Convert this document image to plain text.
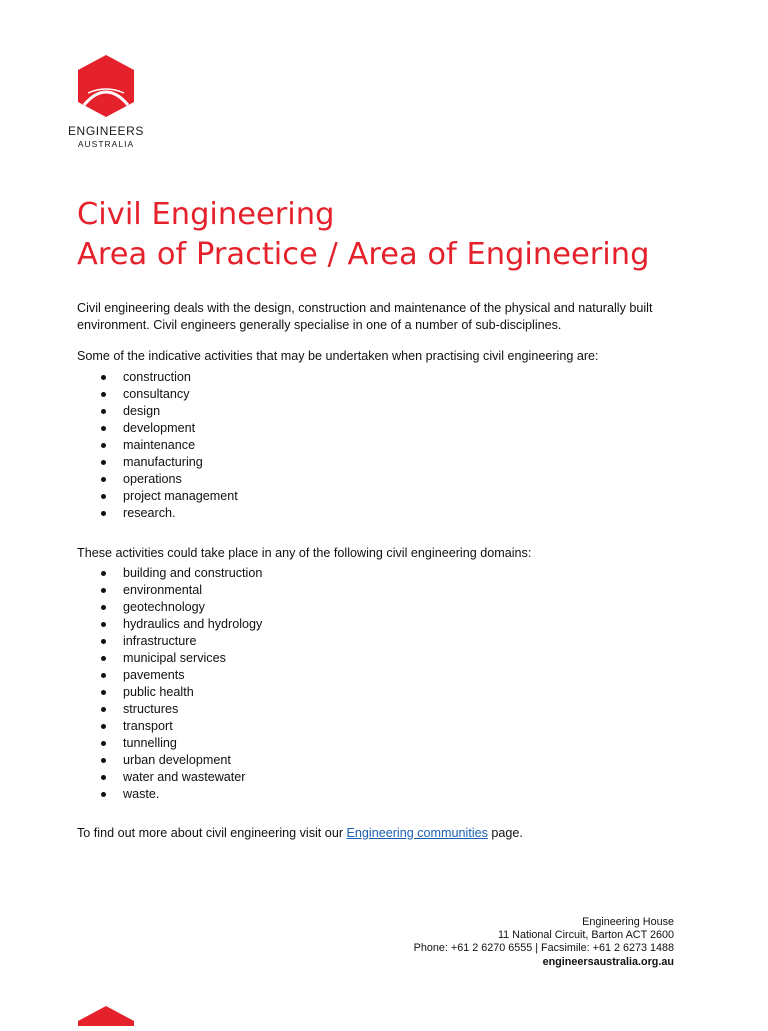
ENGINEERS
AUSTRALIA
Civil Engineering
Area of Practice / Area of Engineering

Civil engineering deals with the design, construction and maintenance of the physical and naturally built environment. Civil engineers generally specialise in one of a number of sub-disciplines.

Some of the indicative activities that may be undertaken when practising civil engineering are:

construction
consultancy
design
development
maintenance
manufacturing
operations
project management
research.

These activities could take place in any of the following civil engineering domains:

building and construction
environmental
geotechnology
hydraulics and hydrology
infrastructure
municipal services
pavements
public health
structures
transport
tunnelling
urban development
water and wastewater
waste.

To find out more about civil engineering visit our Engineering communities page.

Engineering House
11 National Circuit, Barton ACT 2600
Phone: +61 2 6270 6555 | Facsimile: +61 2 6273 1488
engineersaustralia.org.au
